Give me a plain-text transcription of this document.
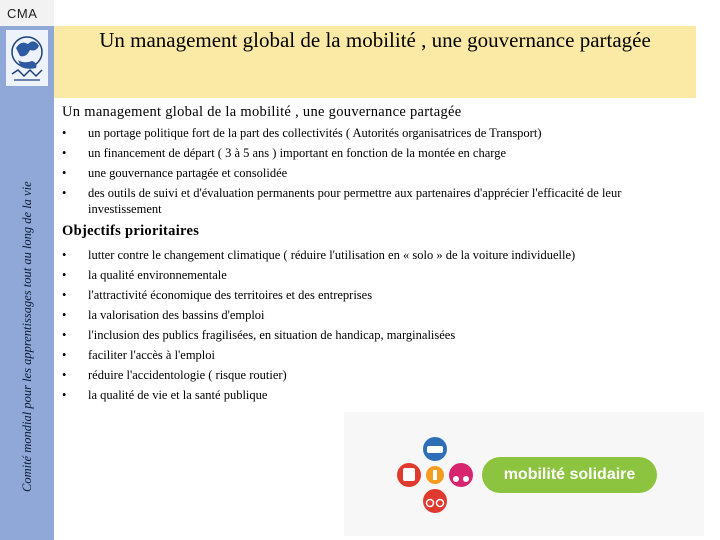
CMA
Comité mondial pour les apprentissages tout au long de la vie
Un management global de la mobilité , une gouvernance partagée
Un management global de la mobilité , une gouvernance partagée
• un portage politique fort de la part des collectivités ( Autorités organisatrices de Transport)
• un financement de départ ( 3 à 5 ans ) important en fonction de la montée en charge
• une gouvernance partagée et consolidée
• des outils de suivi et d'évaluation permanents pour permettre aux partenaires d'apprécier l'efficacité de leur investissement
Objectifs prioritaires
• lutter contre le changement climatique ( réduire l'utilisation en « solo » de la voiture individuelle)
• la qualité environnementale
• l'attractivité économique des territoires et des entreprises
• la valorisation des bassins d'emploi
• l'inclusion des publics fragilisées, en situation de handicap, marginalisées
• faciliter l'accès à l'emploi
• réduire l'accidentologie ( risque routier)
• la qualité de vie et la santé publique
mobilité solidaire
